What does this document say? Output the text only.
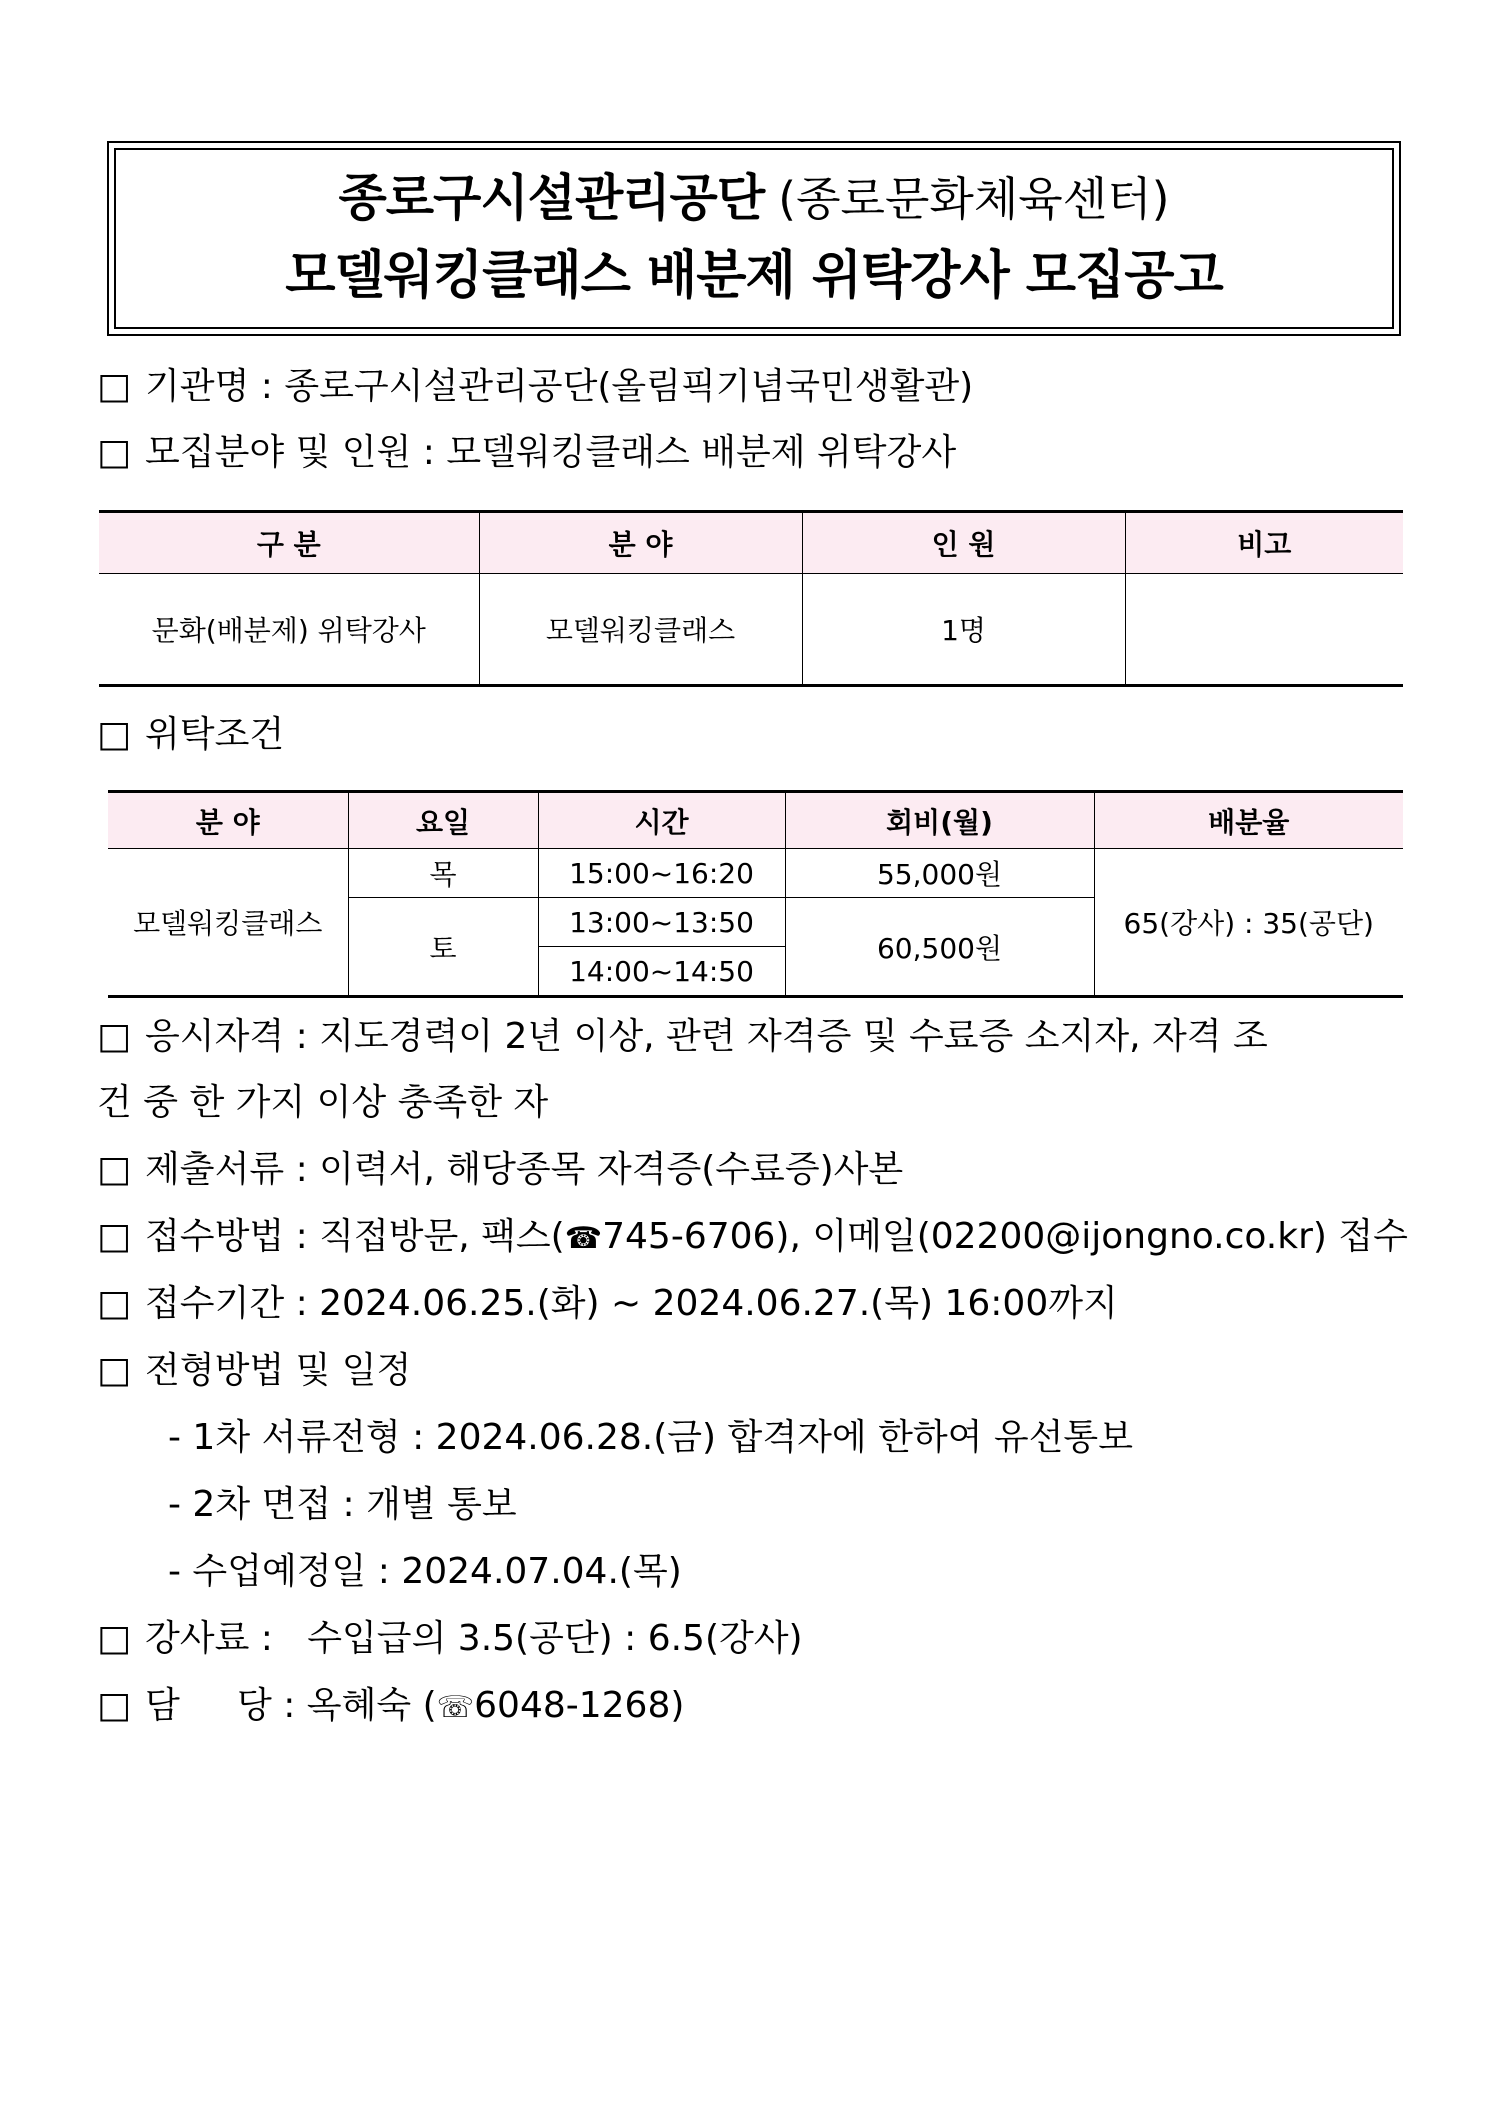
종로구시설관리공단 (종로문화체육센터)
모델워킹클래스 배분제 위탁강사 모집공고
□ 기관명 : 종로구시설관리공단(올림픽기념국민생활관)
□ 모집분야 및 인원 : 모델워킹클래스 배분제 위탁강사
구 분	분 야	인 원	비고
문화(배분제) 위탁강사	모델워킹클래스	1명	
□ 위탁조건
분 야	요일	시간	회비(월)	배분율
모델워킹클래스	목	15:00~16:20	55,000원	65(강사) : 35(공단)
	토	13:00~13:50	60,500원	
		14:00~14:50		
□ 응시자격 : 지도경력이 2년 이상, 관련 자격증 및 수료증 소지자, 자격 조
건 중 한 가지 이상 충족한 자
□ 제출서류 : 이력서, 해당종목 자격증(수료증)사본
□ 접수방법 : 직접방문, 팩스(☎745-6706), 이메일(02200@ijongno.co.kr) 접수
□ 접수기간 : 2024.06.25.(화) ~ 2024.06.27.(목) 16:00까지
□ 전형방법 및 일정
- 1차 서류전형 : 2024.06.28.(금) 합격자에 한하여 유선통보
- 2차 면접 : 개별 통보
- 수업예정일 : 2024.07.04.(목)
□ 강사료 :   수입급의 3.5(공단) : 6.5(강사)
□ 담     당 : 옥혜숙 (☏6048-1268)
